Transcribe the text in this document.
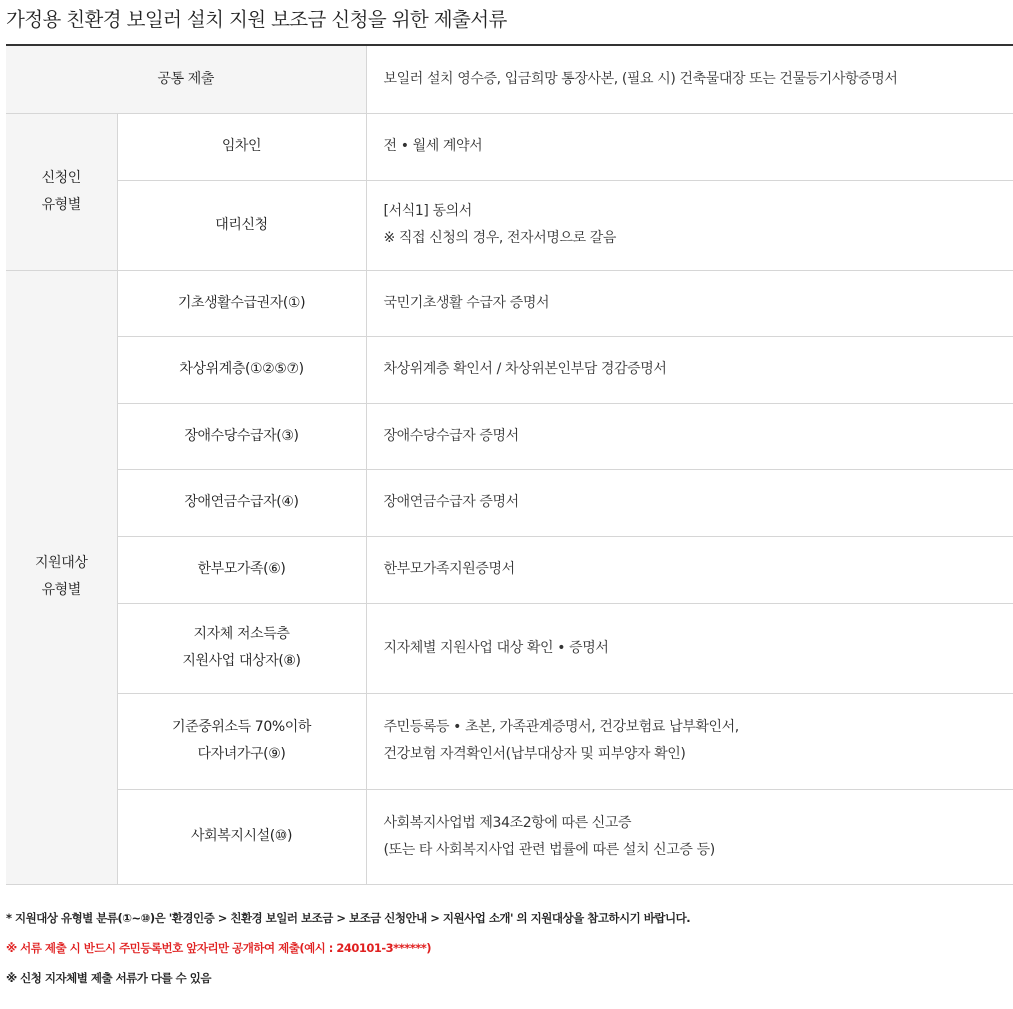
가정용 친환경 보일러 설치 지원 보조금 신청을 위한 제출서류
공통 제출		보일러 설치 영수증, 입금희망 통장사본, (필요 시) 건축물대장 또는 건물등기사항증명서

신청인
유형별	임차인	전 • 월세 계약서

	대리신청	[서식1] 동의서
※ 직접 신청의 경우, 전자서명으로 갈음

지원대상
유형별	기초생활수급권자(①)	국민기초생활 수급자 증명서

	차상위계층(①②⑤⑦)	차상위계층 확인서 / 차상위본인부담 경감증명서

	장애수당수급자(③)	장애수당수급자 증명서

	장애연금수급자(④)	장애연금수급자 증명서

	한부모가족(⑥)	한부모가족지원증명서

	지자체 저소득층
지원사업 대상자(⑧)	지자체별 지원사업 대상 확인 • 증명서

	기준중위소득 70%이하
다자녀가구(⑨)	주민등록등 • 초본, 가족관계증명서, 건강보험료 납부확인서,
건강보험 자격확인서(납부대상자 및 피부양자 확인)

	사회복지시설(⑩)	사회복지사업법 제34조2항에 따른 신고증
(또는 타 사회복지사업 관련 법률에 따른 설치 신고증 등)
* 지원대상 유형별 분류(①~⑩)은 '환경인증 > 친환경 보일러 보조금 > 보조금 신청안내 > 지원사업 소개' 의 지원대상을 참고하시기 바랍니다.
※ 서류 제출 시 반드시 주민등록번호 앞자리만 공개하여 제출(예시 : 240101-3******)
※ 신청 지자체별 제출 서류가 다를 수 있음
